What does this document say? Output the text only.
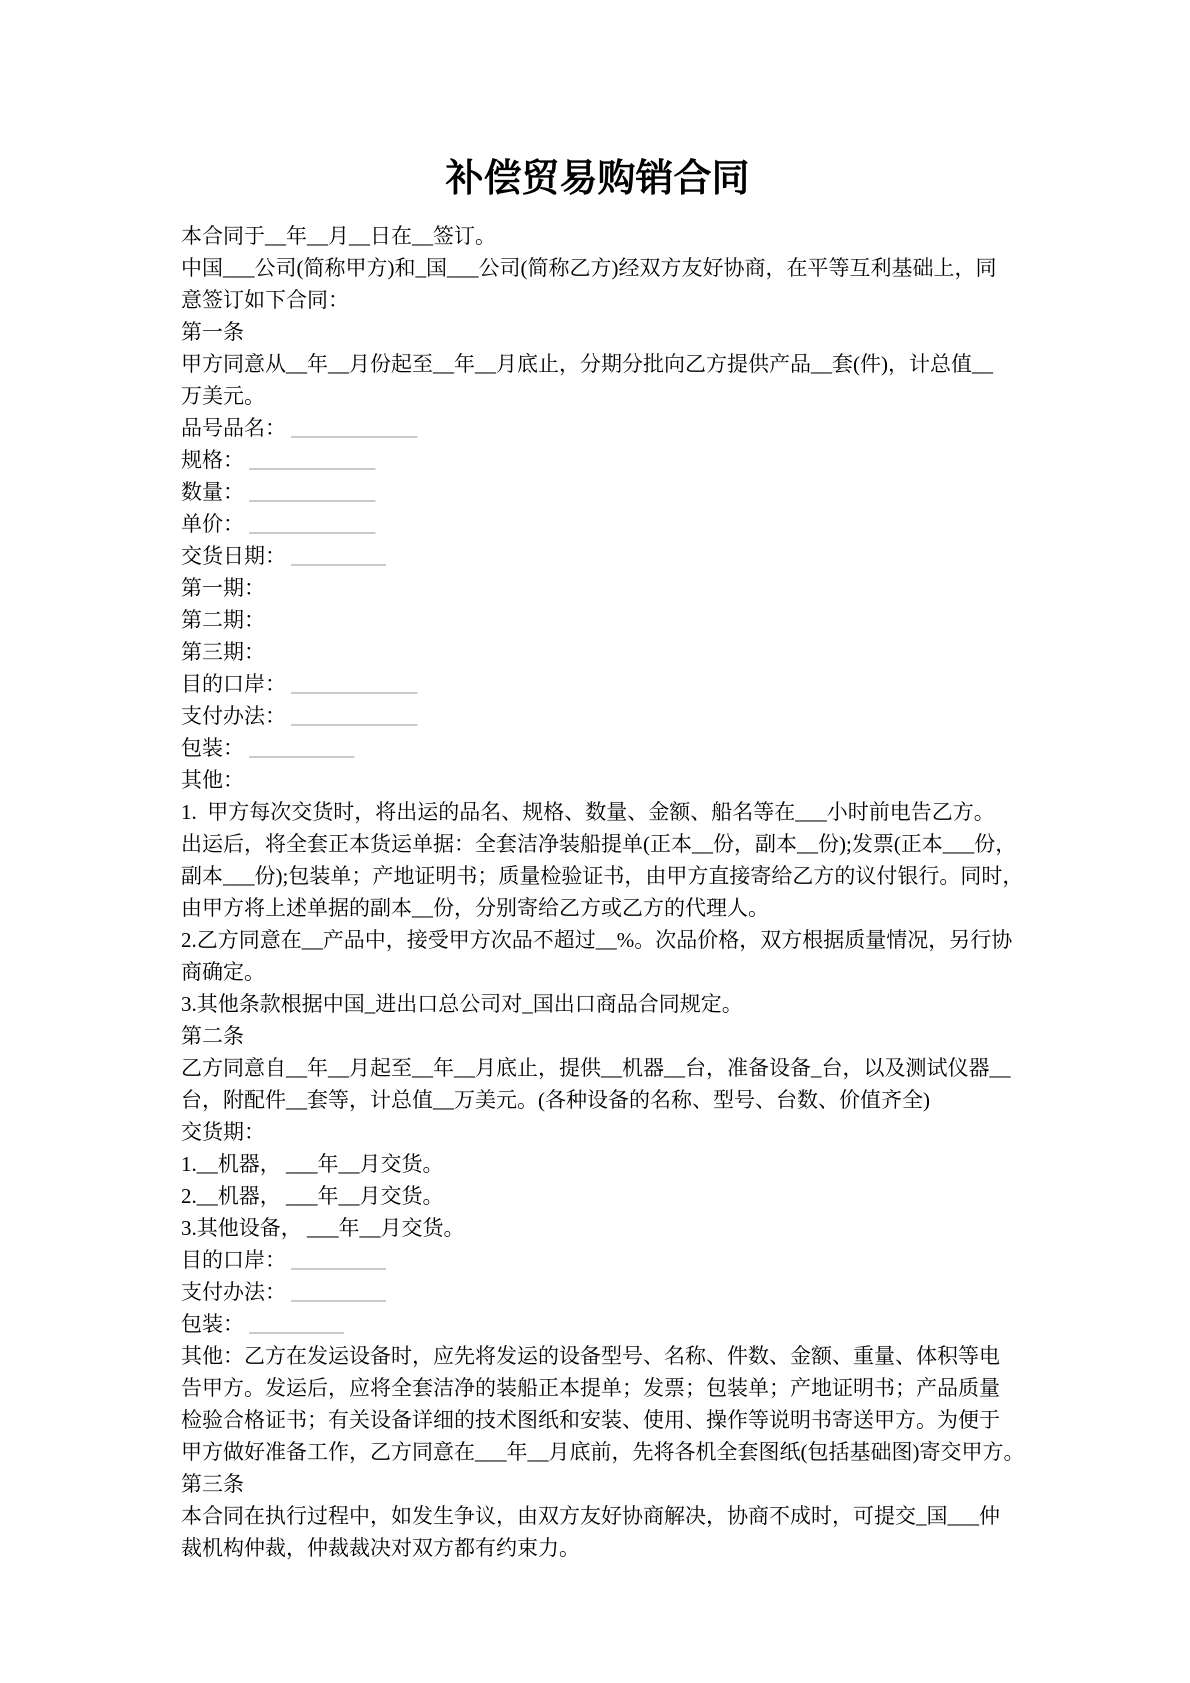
补偿贸易购销合同
本合同于__年__月__日在__签订。
中国___公司(简称甲方)和_国___公司(简称乙方)经双方友好协商，在平等互利基础上，同
意签订如下合同：
第一条
甲方同意从__年__月份起至__年__月底止，分期分批向乙方提供产品__套(件)，计总值__
万美元。
品号品名： ____________
规格： ____________
数量： ____________
单价： ____________
交货日期： _________
第一期：
第二期：
第三期：
目的口岸： ____________
支付办法： ____________
包装： __________
其他：
1.  甲方每次交货时，将出运的品名、规格、数量、金额、船名等在___小时前电告乙方。
出运后，将全套正本货运单据：全套洁净装船提单(正本__份，副本__份);发票(正本___份，
副本___份);包装单；产地证明书；质量检验证书，由甲方直接寄给乙方的议付银行。同时，
由甲方将上述单据的副本__份，分别寄给乙方或乙方的代理人。
2.乙方同意在__产品中，接受甲方次品不超过__%。次品价格，双方根据质量情况，另行协
商确定。
3.其他条款根据中国_进出口总公司对_国出口商品合同规定。
第二条
乙方同意自__年__月起至__年__月底止，提供__机器__台，准备设备_台，以及测试仪器__
台，附配件__套等，计总值__万美元。(各种设备的名称、型号、台数、价值齐全)
交货期：
1.__机器， ___年__月交货。
2.__机器， ___年__月交货。
3.其他设备， ___年__月交货。
目的口岸： _________
支付办法： _________
包装： _________
其他：乙方在发运设备时，应先将发运的设备型号、名称、件数、金额、重量、体积等电
告甲方。发运后，应将全套洁净的装船正本提单；发票；包装单；产地证明书；产品质量
检验合格证书；有关设备详细的技术图纸和安装、使用、操作等说明书寄送甲方。为便于
甲方做好准备工作，乙方同意在___年__月底前，先将各机全套图纸(包括基础图)寄交甲方。
第三条
本合同在执行过程中，如发生争议，由双方友好协商解决，协商不成时，可提交_国___仲
裁机构仲裁，仲裁裁决对双方都有约束力。
